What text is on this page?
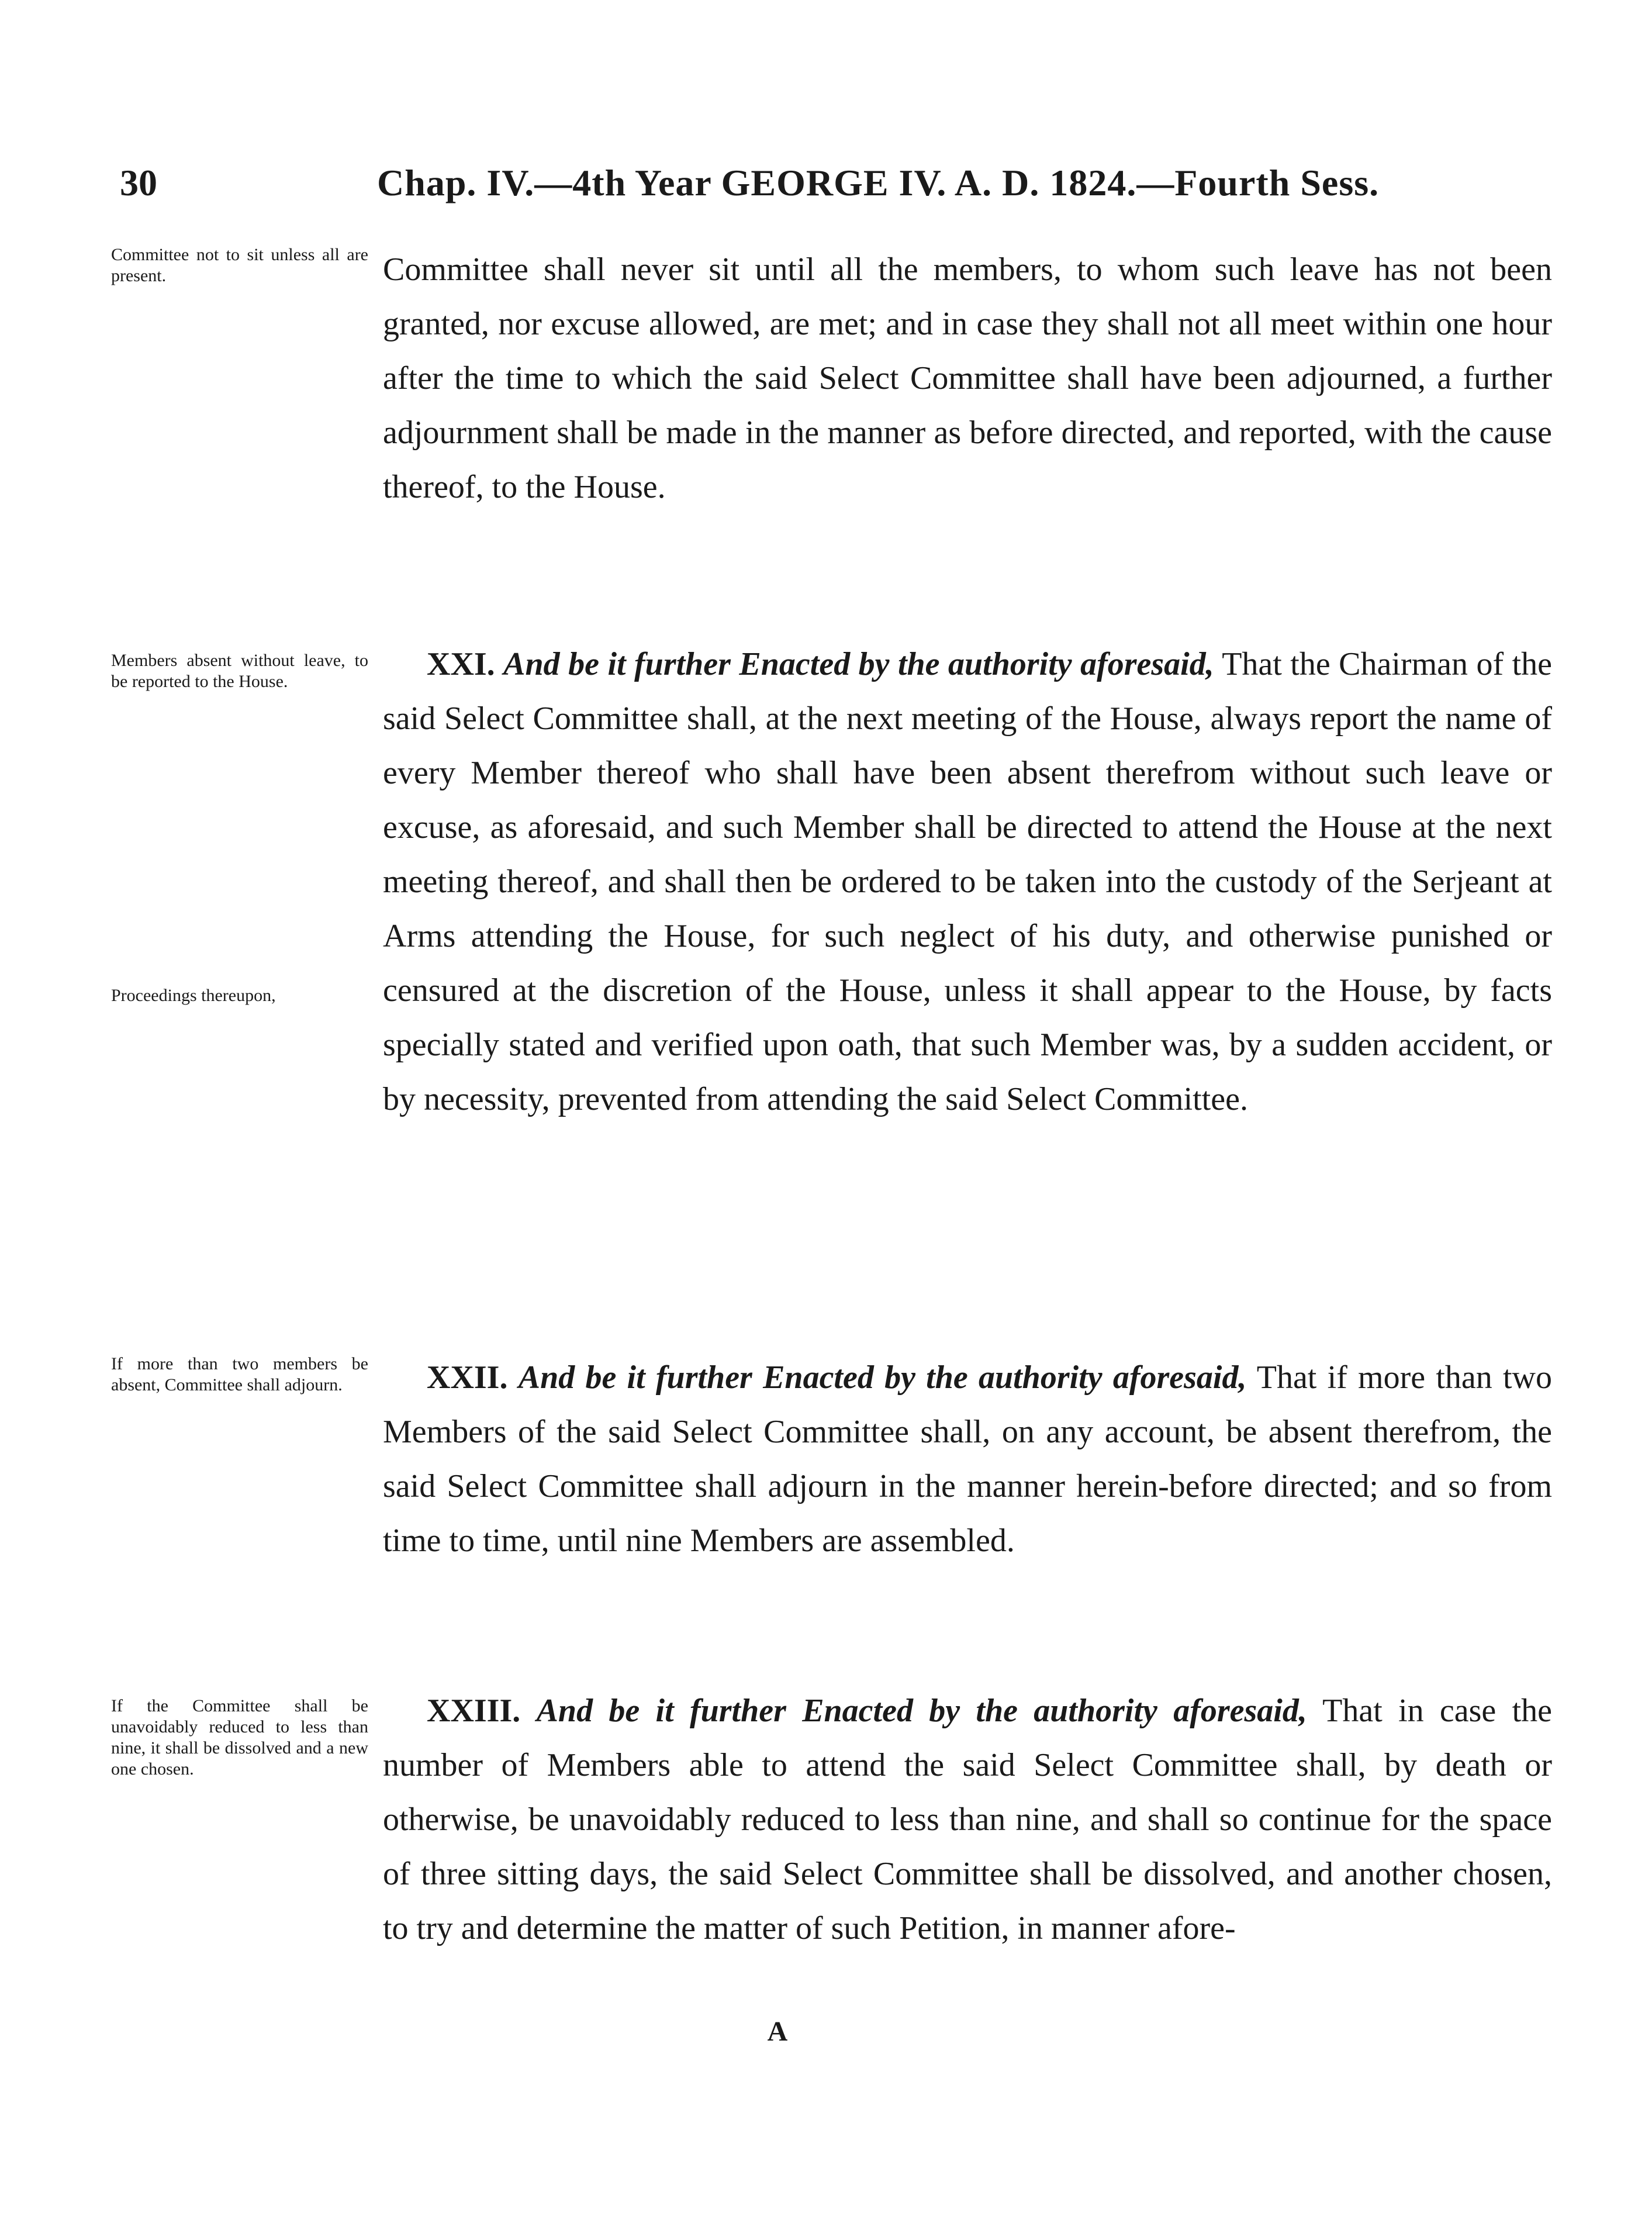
30	Chap. IV.—4th Year GEORGE IV. A. D. 1824.—Fourth Sess.
Committee not to sit unless all are present.
Members absent without leave, to be reported to the House.
Proceedings thereupon,
If more than two members be absent, Committee shall adjourn.
If the Committee shall be unavoidably reduced to less than nine, it shall be dissolved and a new one chosen.

Committee shall never sit until all the members, to whom such leave has not been granted, nor excuse allowed, are met; and in case they shall not all meet within one hour after the time to which the said Select Committee shall have been adjourned, a further adjournment shall be made in the manner as before directed, and reported, with the cause thereof, to the House.

XXI. And be it further Enacted by the authority aforesaid, That the Chairman of the said Select Committee shall, at the next meeting of the House, always report the name of every Member thereof who shall have been absent therefrom without such leave or excuse, as aforesaid, and such Member shall be directed to attend the House at the next meeting thereof, and shall then be ordered to be taken into the custody of the Serjeant at Arms attending the House, for such neglect of his duty, and otherwise punished or censured at the discretion of the House, unless it shall appear to the House, by facts specially stated and verified upon oath, that such Member was, by a sudden accident, or by necessity, prevented from attending the said Select Committee.

XXII. And be it further Enacted by the authority aforesaid, That if more than two Members of the said Select Committee shall, on any account, be absent therefrom, the said Select Committee shall adjourn in the manner herein-before directed; and so from time to time, until nine Members are assembled.

XXIII. And be it further Enacted by the authority aforesaid, That in case the number of Members able to attend the said Select Committee shall, by death or otherwise, be unavoidably reduced to less than nine, and shall so continue for the space of three sitting days, the said Select Committee shall be dissolved, and another chosen, to try and determine the matter of such Petition, in manner afore-

A
